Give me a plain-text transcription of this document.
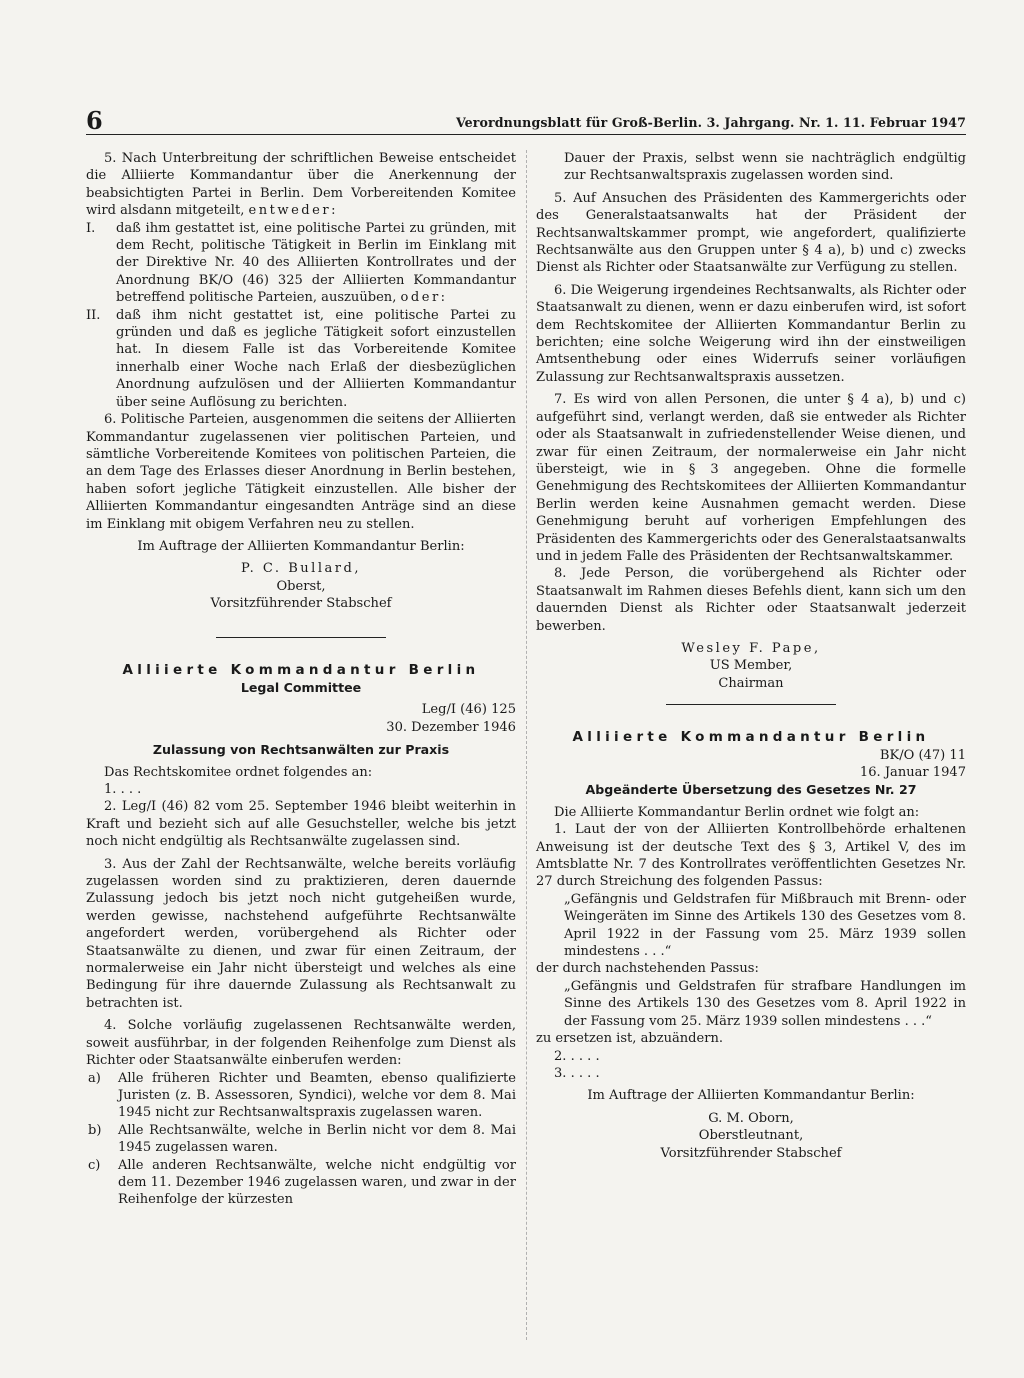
6	Verordnungsblatt für Groß-Berlin. 3. Jahrgang. Nr. 1. 11. Februar 1947

5. Nach Unterbreitung der schriftlichen Beweise entscheidet die Alliierte Kommandantur über die Anerkennung der beabsichtigten Partei in Berlin. Dem Vorbereitenden Komitee wird alsdann mitgeteilt, entweder:

I.	daß ihm gestattet ist, eine politische Partei zu gründen, mit dem Recht, politische Tätigkeit in Berlin im Einklang mit der Direktive Nr. 40 des Alliierten Kontrollrates und der Anordnung BK/O (46) 325 der Alliierten Kommandantur betreffend politische Parteien, auszuüben, oder:
II.	daß ihm nicht gestattet ist, eine politische Partei zu gründen und daß es jegliche Tätigkeit sofort einzustellen hat. In diesem Falle ist das Vorbereitende Komitee innerhalb einer Woche nach Erlaß der diesbezüglichen Anordnung aufzulösen und der Alliierten Kommandantur über seine Auflösung zu berichten.

6. Politische Parteien, ausgenommen die seitens der Alliierten Kommandantur zugelassenen vier politischen Parteien, und sämtliche Vorbereitende Komitees von politischen Parteien, die an dem Tage des Erlasses dieser Anordnung in Berlin bestehen, haben sofort jegliche Tätigkeit einzustellen. Alle bisher der Alliierten Kommandantur eingesandten Anträge sind an diese im Einklang mit obigem Verfahren neu zu stellen.

Im Auftrage der Alliierten Kommandantur Berlin:

P. C. Bullard,

Oberst,

Vorsitzführender Stabschef

Alliierte Kommandantur Berlin
Legal Committee

Leg/I (46) 125

30. Dezember 1946

Zulassung von Rechtsanwälten zur Praxis

Das Rechtskomitee ordnet folgendes an:

1. . . .

2. Leg/I (46) 82 vom 25. September 1946 bleibt weiterhin in Kraft und bezieht sich auf alle Gesuchsteller, welche bis jetzt noch nicht endgültig als Rechtsanwälte zugelassen sind.

3. Aus der Zahl der Rechtsanwälte, welche bereits vorläufig zugelassen worden sind zu praktizieren, deren dauernde Zulassung jedoch bis jetzt noch nicht gutgeheißen wurde, werden gewisse, nachstehend aufgeführte Rechtsanwälte angefordert werden, vorübergehend als Richter oder Staatsanwälte zu dienen, und zwar für einen Zeitraum, der normalerweise ein Jahr nicht übersteigt und welches als eine Bedingung für ihre dauernde Zulassung als Rechtsanwalt zu betrachten ist.

4. Solche vorläufig zugelassenen Rechtsanwälte werden, soweit ausführbar, in der folgenden Reihenfolge zum Dienst als Richter oder Staatsanwälte einberufen werden:

a)	Alle früheren Richter und Beamten, ebenso qualifizierte Juristen (z. B. Assessoren, Syndici), welche vor dem 8. Mai 1945 nicht zur Rechtsanwaltspraxis zugelassen waren.
b)	Alle Rechtsanwälte, welche in Berlin nicht vor dem 8. Mai 1945 zugelassen waren.
c)	Alle anderen Rechtsanwälte, welche nicht endgültig vor dem 11. Dezember 1946 zugelassen waren, und zwar in der Reihenfolge der kürzesten

Dauer der Praxis, selbst wenn sie nachträglich endgültig zur Rechtsanwaltspraxis zugelassen worden sind.

5. Auf Ansuchen des Präsidenten des Kammergerichts oder des Generalstaatsanwalts hat der Präsident der Rechtsanwaltskammer prompt, wie angefordert, qualifizierte Rechtsanwälte aus den Gruppen unter § 4 a), b) und c) zwecks Dienst als Richter oder Staatsanwälte zur Verfügung zu stellen.

6. Die Weigerung irgendeines Rechtsanwalts, als Richter oder Staatsanwalt zu dienen, wenn er dazu einberufen wird, ist sofort dem Rechtskomitee der Alliierten Kommandantur Berlin zu berichten; eine solche Weigerung wird ihn der einstweiligen Amtsenthebung oder eines Widerrufs seiner vorläufigen Zulassung zur Rechtsanwaltspraxis aussetzen.

7. Es wird von allen Personen, die unter § 4 a), b) und c) aufgeführt sind, verlangt werden, daß sie entweder als Richter oder als Staatsanwalt in zufriedenstellender Weise dienen, und zwar für einen Zeitraum, der normalerweise ein Jahr nicht übersteigt, wie in § 3 angegeben. Ohne die formelle Genehmigung des Rechtskomitees der Alliierten Kommandantur Berlin werden keine Ausnahmen gemacht werden. Diese Genehmigung beruht auf vorherigen Empfehlungen des Präsidenten des Kammergerichts oder des Generalstaatsanwalts und in jedem Falle des Präsidenten der Rechtsanwaltskammer.

8. Jede Person, die vorübergehend als Richter oder Staatsanwalt im Rahmen dieses Befehls dient, kann sich um den dauernden Dienst als Richter oder Staatsanwalt jederzeit bewerben.

Wesley F. Pape,

US Member,

Chairman

Alliierte Kommandantur Berlin

BK/O (47) 11

16. Januar 1947

Abgeänderte Übersetzung des Gesetzes Nr. 27

Die Alliierte Kommandantur Berlin ordnet wie folgt an:

1. Laut der von der Alliierten Kontrollbehörde erhaltenen Anweisung ist der deutsche Text des § 3, Artikel V, des im Amtsblatte Nr. 7 des Kontrollrates veröffentlichten Gesetzes Nr. 27 durch Streichung des folgenden Passus:

„Gefängnis und Geldstrafen für Mißbrauch mit Brenn- oder Weingeräten im Sinne des Artikels 130 des Gesetzes vom 8. April 1922 in der Fassung vom 25. März 1939 sollen mindestens . . .“

der durch nachstehenden Passus:

„Gefängnis und Geldstrafen für strafbare Handlungen im Sinne des Artikels 130 des Gesetzes vom 8. April 1922 in der Fassung vom 25. März 1939 sollen mindestens . . .“

zu ersetzen ist, abzuändern.

2. . . . .

3. . . . .

Im Auftrage der Alliierten Kommandantur Berlin:

G. M. Oborn,

Oberstleutnant,

Vorsitzführender Stabschef
